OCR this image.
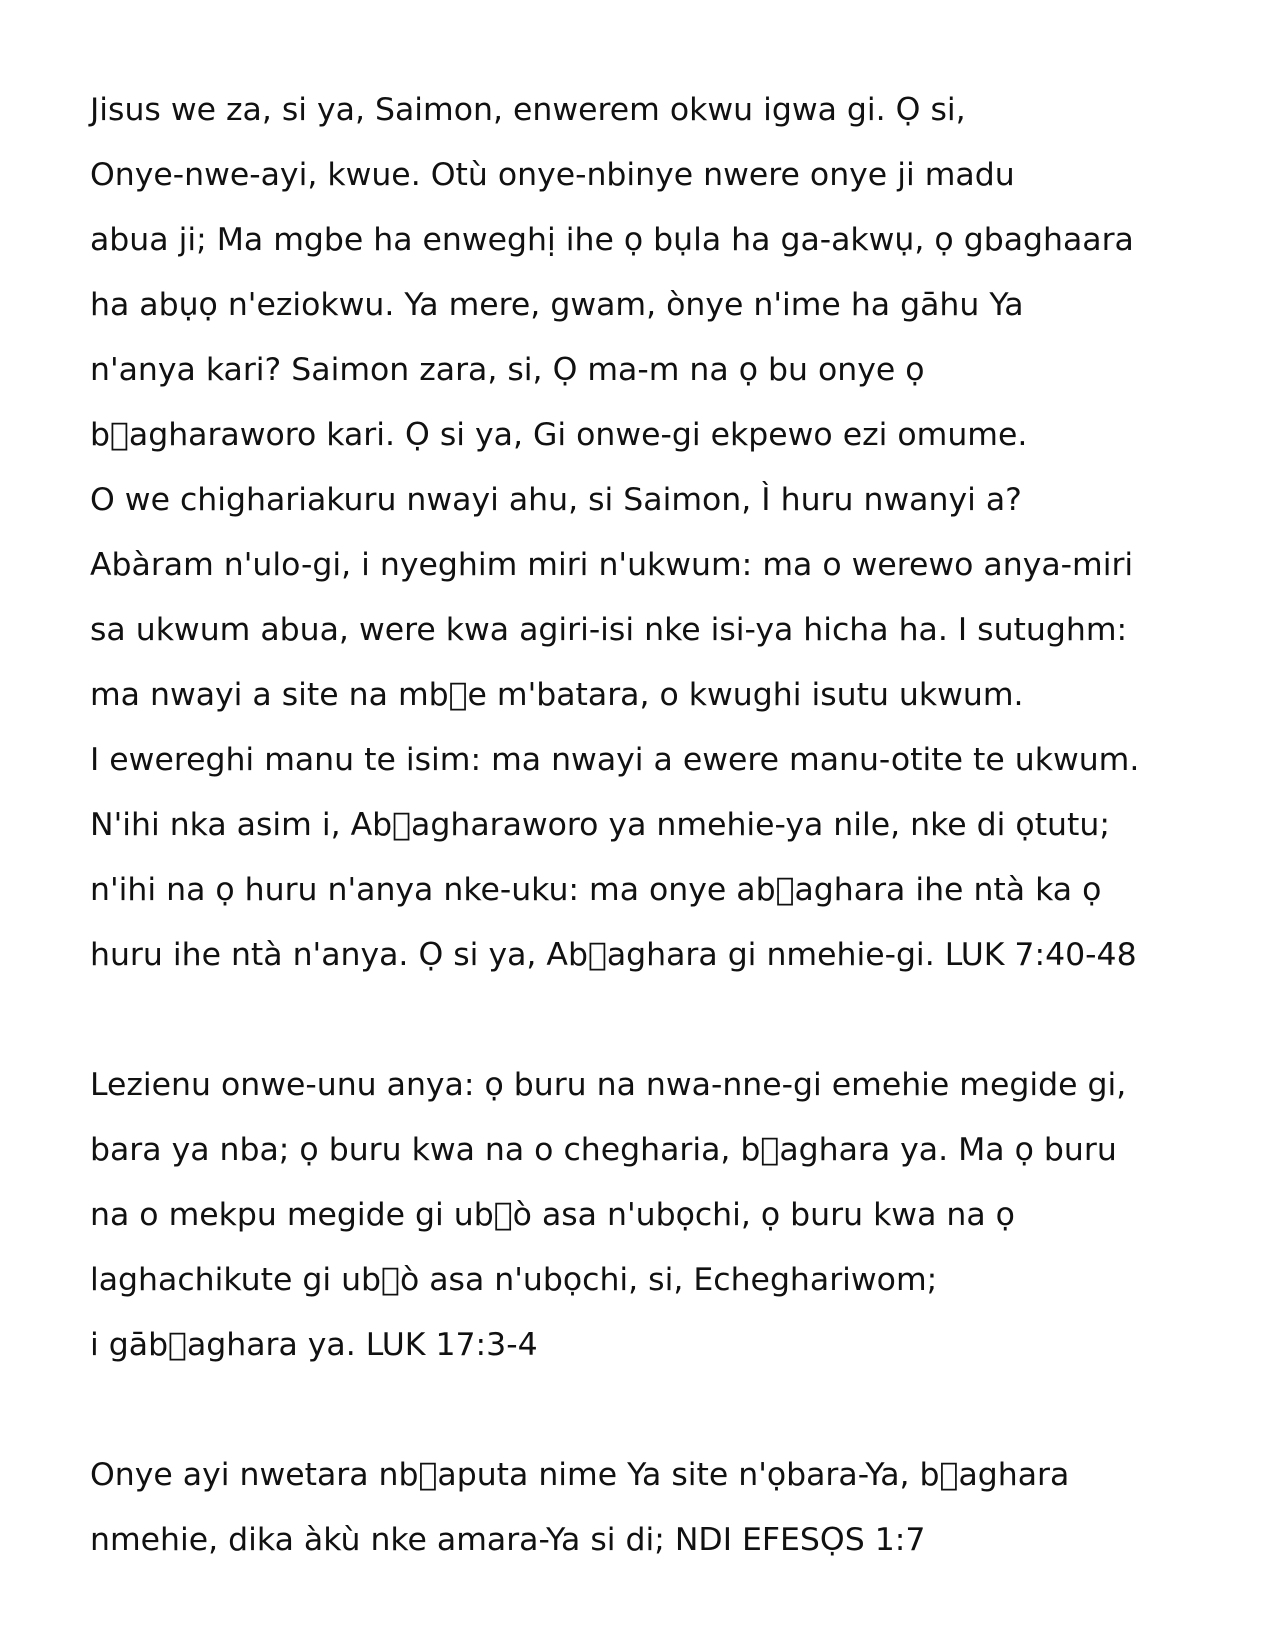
Jisus we za, si ya, Saimon, enwerem okwu igwa gi. Ọ si,
Onye-nwe-ayi, kwue. Otù onye-nbinye nwere onye ji madu
abua ji; Ma mgbe ha enweghị ihe ọ bụla ha ga-akwụ, ọ gbaghaara
ha abụọ n'eziokwu. Ya mere, gwam, ònye n'ime ha gāhu Ya
n'anya kari? Saimon zara, si, Ọ ma-m na ọ bu onye ọ
b agharaworo kari. Ọ si ya, Gi onwe-gi ekpewo ezi omume.
O we chighariakuru nwayi ahu, si Saimon, Ì huru nwanyi a?
Abàram n'ulo-gi, i nyeghim miri n'ukwum: ma o werewo anya-miri
sa ukwum abua, were kwa agiri-isi nke isi-ya hicha ha. I sutughm:
ma nwayi a site na mb e m'batara, o kwughi isutu ukwum.
I ewereghi manu te isim: ma nwayi a ewere manu-otite te ukwum.
N'ihi nka asim i, Ab agharaworo ya nmehie-ya nile, nke di ọtutu;
n'ihi na ọ huru n'anya nke-uku: ma onye ab aghara ihe ntà ka ọ
huru ihe ntà n'anya. Ọ si ya, Ab aghara gi nmehie-gi. LUK 7:40-48
Lezienu onwe-unu anya: ọ buru na nwa-nne-gi emehie megide gi,
bara ya nba; ọ buru kwa na o chegharia, b aghara ya. Ma ọ buru
na o mekpu megide gi ub ò asa n'ubọchi, ọ buru kwa na ọ
laghachikute gi ub ò asa n'ubọchi, si, Echeghariwom;
i gāb aghara ya. LUK 17:3-4
Onye ayi nwetara nb aputa nime Ya site n'ọbara-Ya, b aghara
nmehie, dika àkù nke amara-Ya si di; NDI EFESỌS 1:7
